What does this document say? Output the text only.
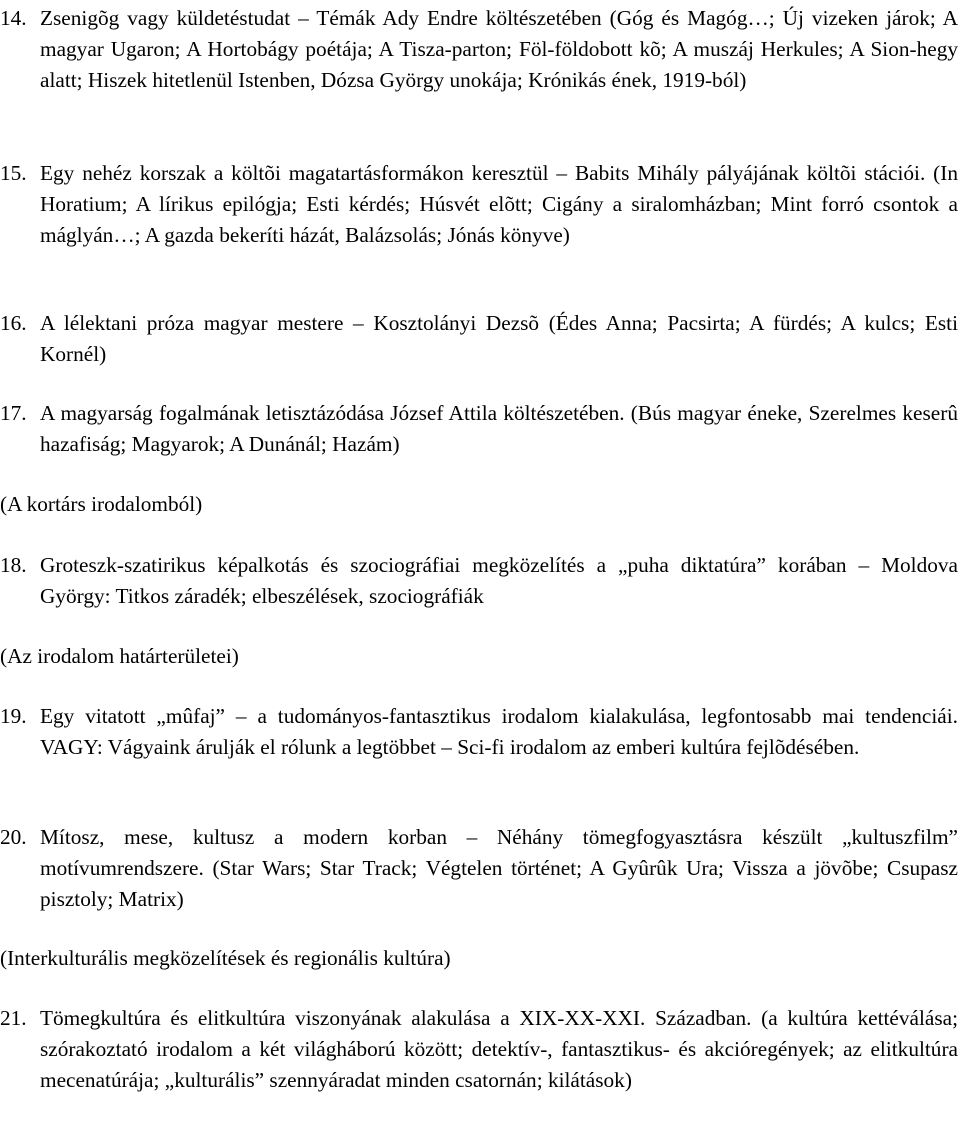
14. Zsenigõg vagy küldetéstudat – Témák Ady Endre költészetében (Góg és Magóg…; Új vizeken járok; A magyar Ugaron; A Hortobágy poétája; A Tisza-parton; Föl-földobott kõ; A muszáj Herkules; A Sion-hegy alatt; Hiszek hitetlenül Istenben, Dózsa György unokája; Krónikás ének, 1919-ból)
15. Egy nehéz korszak a költõi magatartásformákon keresztül – Babits Mihály pályájának költõi stációi. (In Horatium; A lírikus epilógja; Esti kérdés; Húsvét elõtt; Cigány a siralomházban; Mint forró csontok a máglyán…; A gazda bekeríti házát, Balázsolás; Jónás könyve)
16. A lélektani próza magyar mestere – Kosztolányi Dezsõ (Édes Anna; Pacsirta; A fürdés; A kulcs; Esti Kornél)
17. A magyarság fogalmának letisztázódása József Attila költészetében. (Bús magyar éneke, Szerelmes keserû hazafiság; Magyarok; A Dunánál; Hazám)
(A kortárs irodalomból)
18. Groteszk-szatirikus képalkotás és szociográfiai megközelítés a „puha diktatúra” korában – Moldova György: Titkos záradék; elbeszélések, szociográfiák
(Az irodalom határterületei)
19. Egy vitatott „mûfaj” – a tudományos-fantasztikus irodalom kialakulása, legfontosabb mai tendenciái. VAGY: Vágyaink árulják el rólunk a legtöbbet – Sci-fi irodalom az emberi kultúra fejlõdésében.
20. Mítosz, mese, kultusz a modern korban – Néhány tömegfogyasztásra készült „kultuszfilm” motívumrendszere. (Star Wars; Star Track; Végtelen történet; A Gyûrûk Ura; Vissza a jövõbe; Csupasz pisztoly; Matrix)
(Interkulturális megközelítések és regionális kultúra)
21. Tömegkultúra és elitkultúra viszonyának alakulása a XIX-XX-XXI. Században. (a kultúra kettéválása; szórakoztató irodalom a két világháború között; detektív-, fantasztikus- és akcióregények; az elitkultúra mecenatúrája; „kulturális” szennyáradat minden csatornán; kilátások)
